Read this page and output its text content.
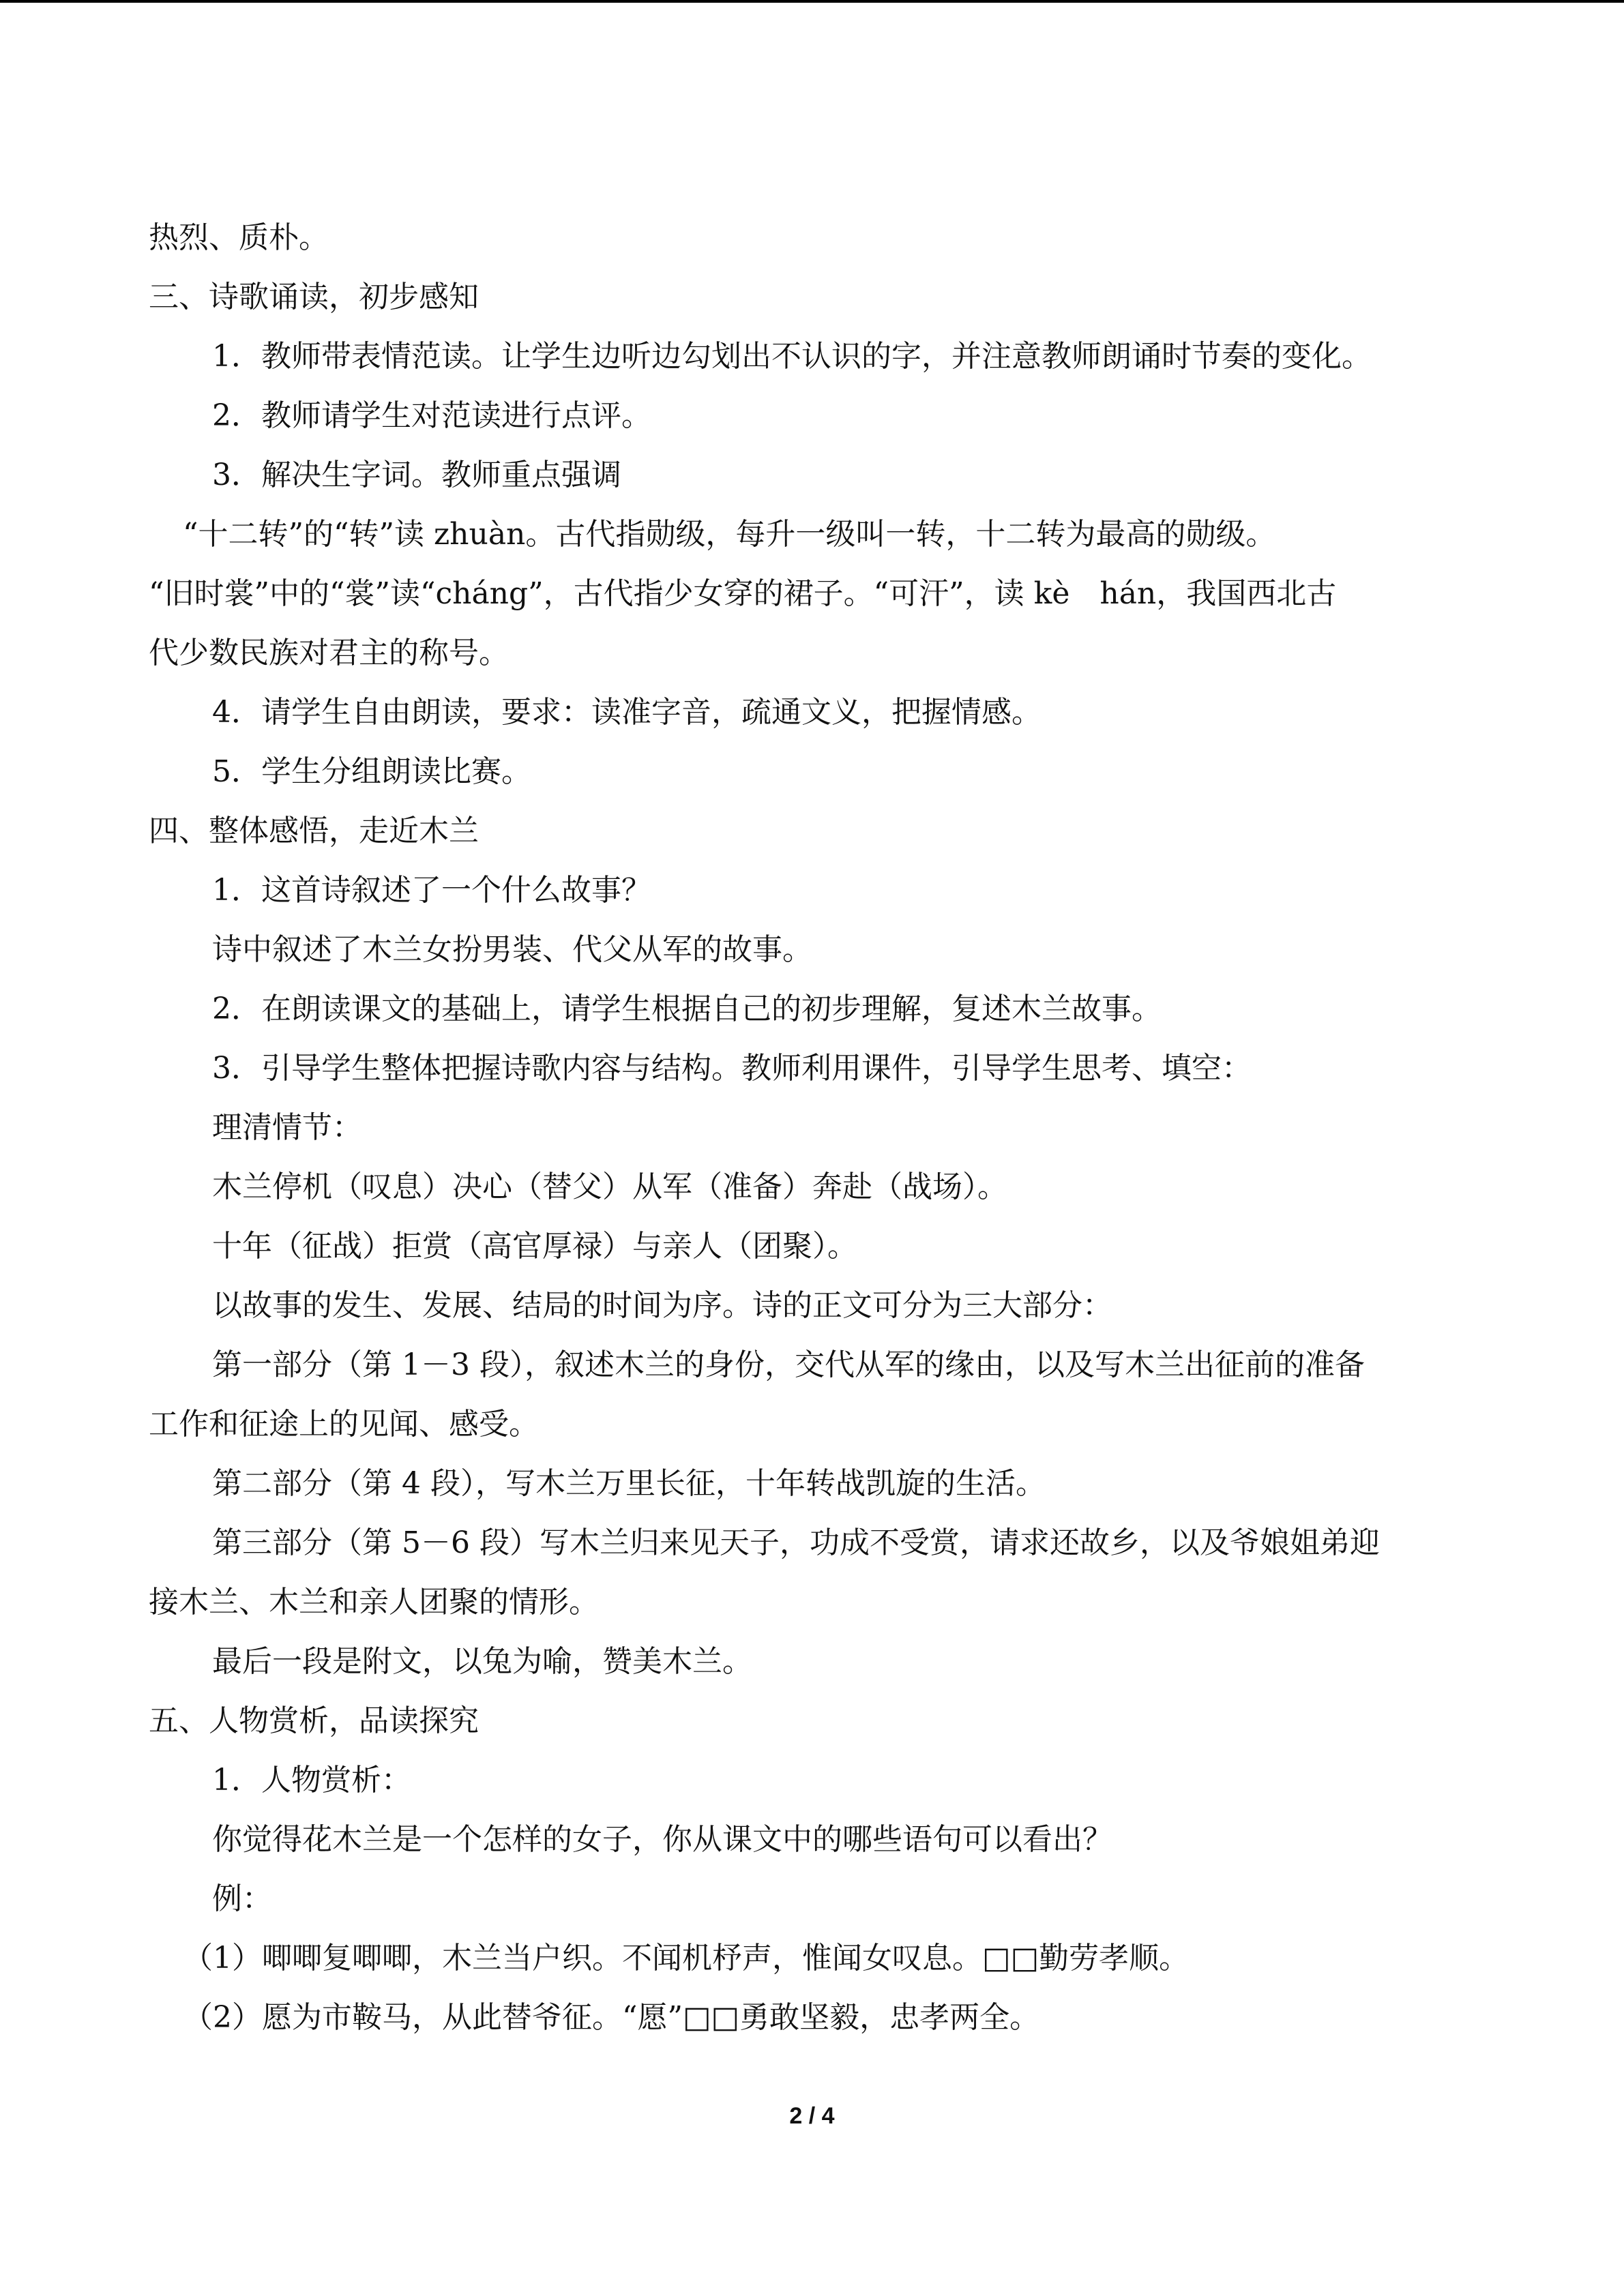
热烈、质朴。

三、诗歌诵读，初步感知

1．教师带表情范读。让学生边听边勾划出不认识的字，并注意教师朗诵时节奏的变化。

2．教师请学生对范读进行点评。

3．解决生字词。教师重点强调

“十二转”的“转”读 zhuàn。古代指勋级，每升一级叫一转，十二转为最高的勋级。

“旧时裳”中的“裳”读“cháng”，古代指少女穿的裙子。“可汗”，读 kè　hán，我国西北古

代少数民族对君主的称号。

4．请学生自由朗读，要求：读准字音，疏通文义，把握情感。

5．学生分组朗读比赛。

四、整体感悟，走近木兰

1．这首诗叙述了一个什么故事？

诗中叙述了木兰女扮男装、代父从军的故事。

2．在朗读课文的基础上，请学生根据自己的初步理解，复述木兰故事。

3．引导学生整体把握诗歌内容与结构。教师利用课件，引导学生思考、填空：

理清情节：

木兰停机（叹息）决心（替父）从军（准备）奔赴（战场）。

十年（征战）拒赏（高官厚禄）与亲人（团聚）。

以故事的发生、发展、结局的时间为序。诗的正文可分为三大部分：

第一部分（第 1－3 段），叙述木兰的身份，交代从军的缘由，以及写木兰出征前的准备

工作和征途上的见闻、感受。

第二部分（第 4 段），写木兰万里长征，十年转战凯旋的生活。

第三部分（第 5－6 段）写木兰归来见天子，功成不受赏，请求还故乡，以及爷娘姐弟迎

接木兰、木兰和亲人团聚的情形。

最后一段是附文，以兔为喻，赞美木兰。

五、人物赏析，品读探究

1．人物赏析：

你觉得花木兰是一个怎样的女子，你从课文中的哪些语句可以看出？

例：

（1）唧唧复唧唧，木兰当户织。不闻机杼声，惟闻女叹息。□□勤劳孝顺。

（2）愿为市鞍马，从此替爷征。“愿”□□勇敢坚毅，忠孝两全。

2 / 4
